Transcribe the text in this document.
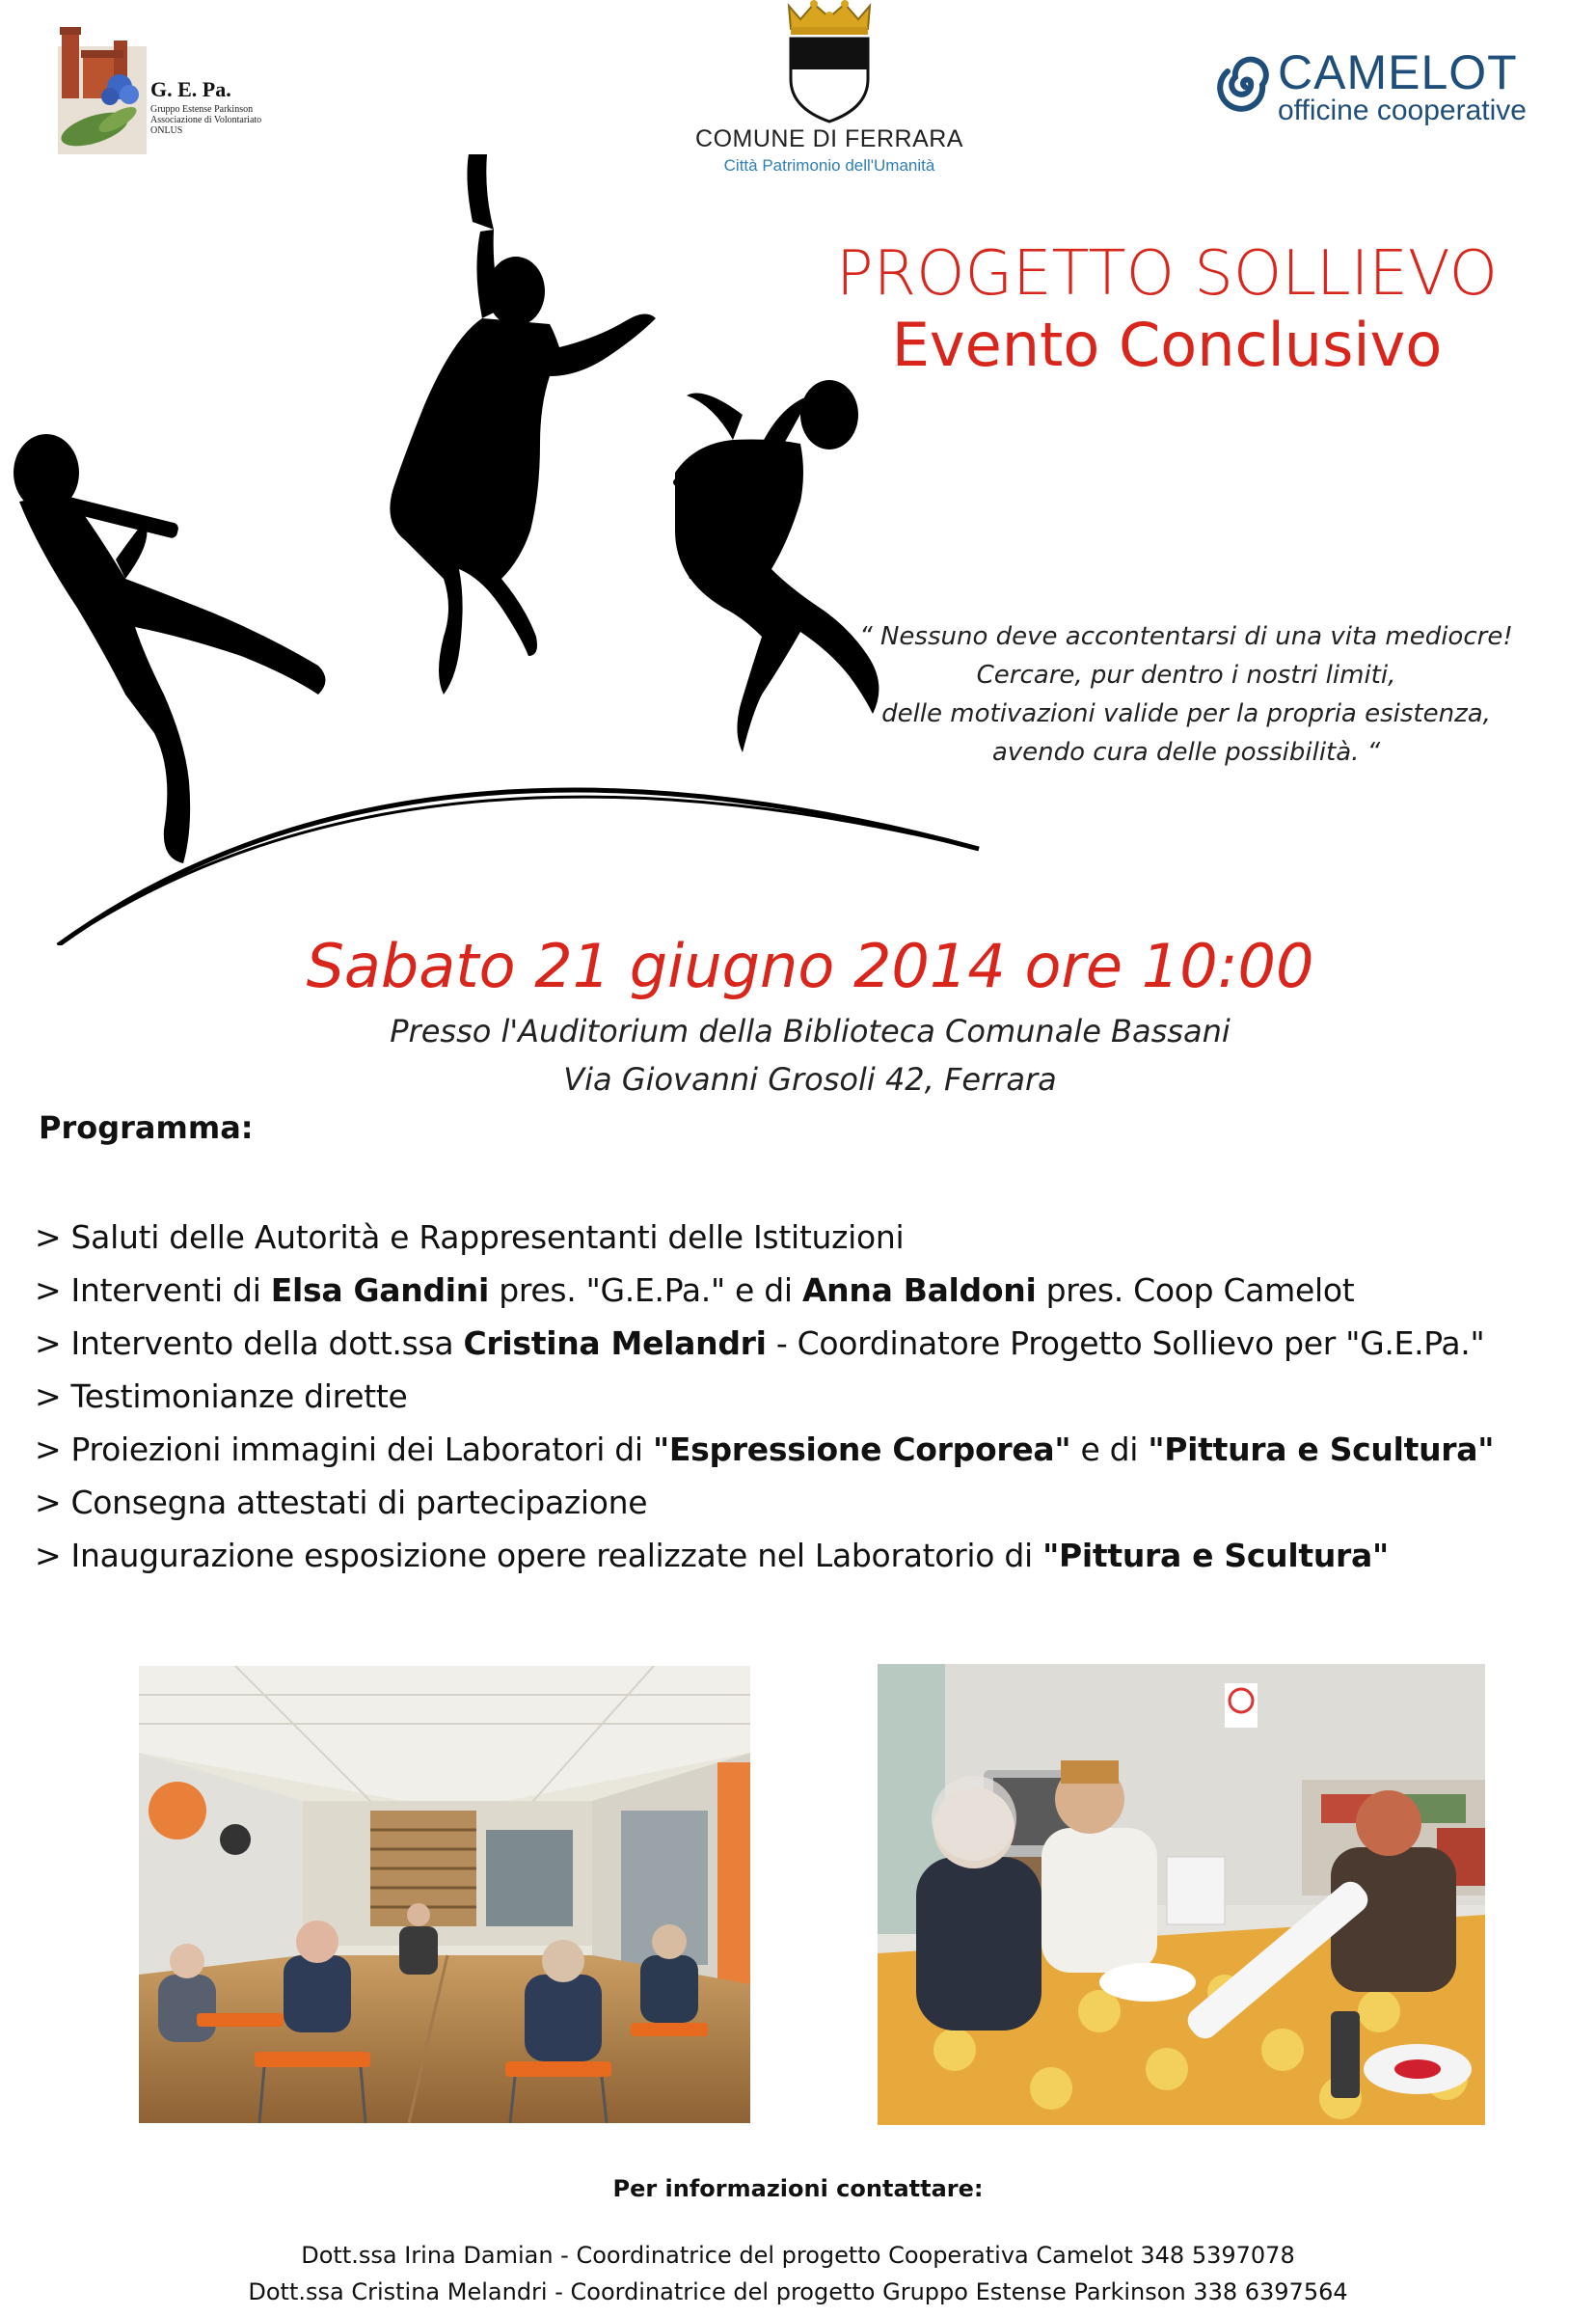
G. E. Pa.
Gruppo Estense Parkinson Associazione di Volontariato ONLUS	COMUNE DI FERRARA
Città Patrimonio dell'Umanità
CAMELOT
officine cooperative
PROGETTO SOLLIEVO
Evento Conclusivo
“ Nessuno deve accontentarsi di una vita mediocre!
Cercare, pur dentro i nostri limiti,
delle motivazioni valide per la propria esistenza,
avendo cura delle possibilità. “
Sabato 21 giugno 2014 ore 10:00
Presso l'Auditorium della Biblioteca Comunale Bassani
Via Giovanni Grosoli 42, Ferrara
Programma:
> Saluti delle Autorità e Rappresentanti delle Istituzioni
> Interventi di Elsa Gandini pres. "G.E.Pa." e di Anna Baldoni pres. Coop Camelot
> Intervento della dott.ssa Cristina Melandri - Coordinatore Progetto Sollievo per "G.E.Pa."
> Testimonianze dirette
> Proiezioni immagini dei Laboratori di "Espressione Corporea" e di "Pittura e Scultura"
> Consegna attestati di partecipazione
> Inaugurazione esposizione opere realizzate nel Laboratorio di "Pittura e Scultura"
Per informazioni contattare:
Dott.ssa Irina Damian - Coordinatrice del progetto Cooperativa Camelot 348 5397078
Dott.ssa Cristina Melandri - Coordinatrice del progetto Gruppo Estense Parkinson 338 6397564
